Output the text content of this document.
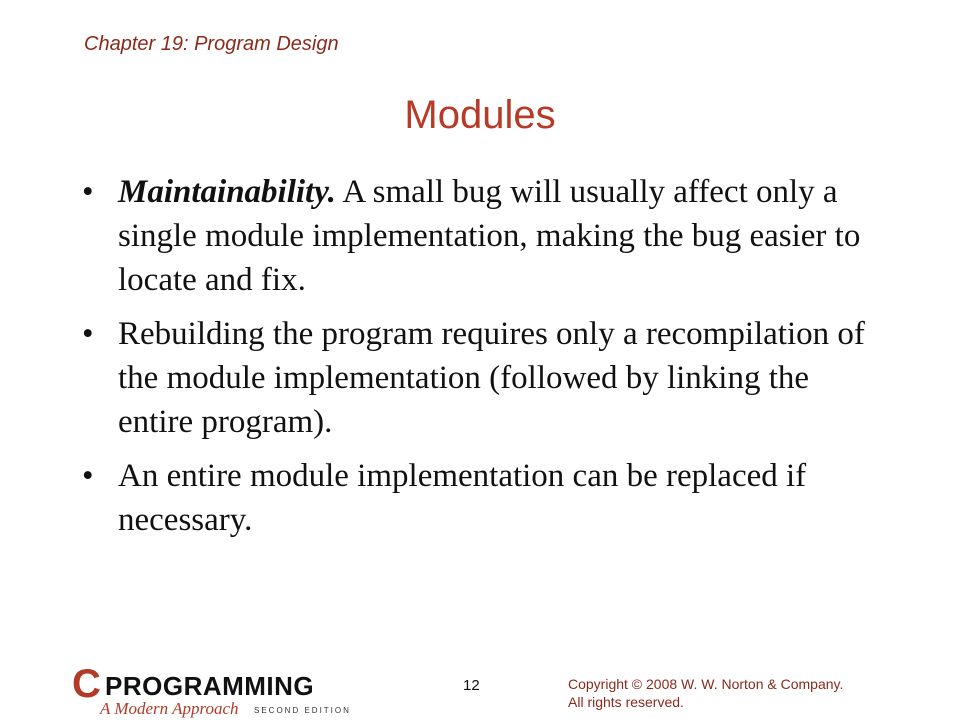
Chapter 19: Program Design
Modules
• Maintainability. A small bug will usually affect only a single module implementation, making the bug easier to locate and fix.
• Rebuilding the program requires only a recompilation of the module implementation (followed by linking the entire program).
• An entire module implementation can be replaced if necessary.
C PROGRAMMING
A Modern Approach SECOND EDITION
12	Copyright © 2008 W. W. Norton & Company.
All rights reserved.
